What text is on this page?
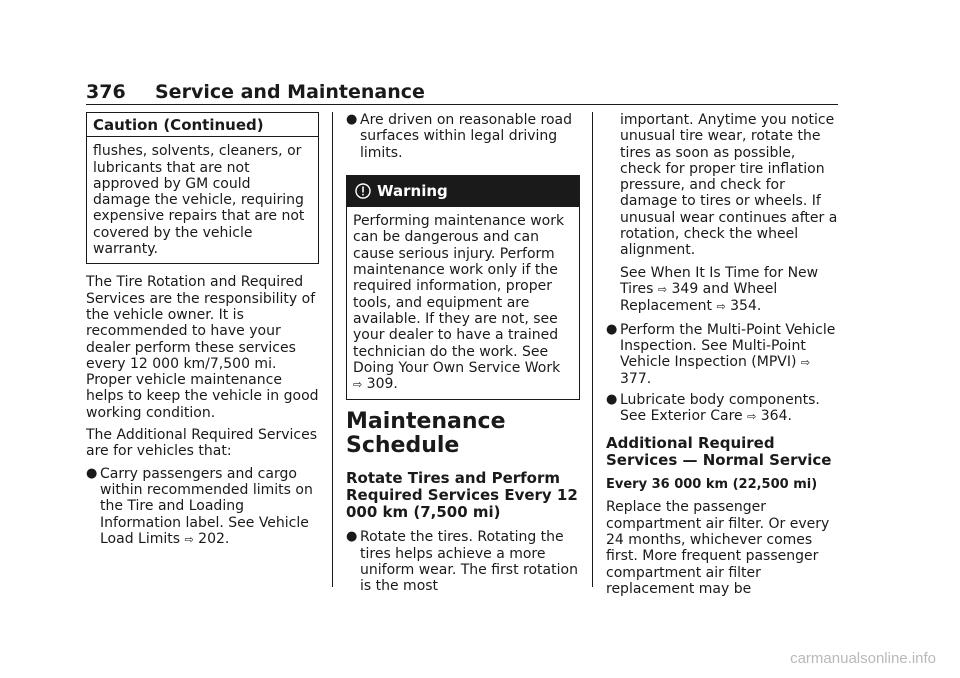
376 Service and Maintenance
Caution (Continued)
flushes, solvents, cleaners, or lubricants that are not approved by GM could damage the vehicle, requiring expensive repairs that are not covered by the vehicle warranty.

The Tire Rotation and Required Services are the responsibility of the vehicle owner. It is recommended to have your dealer perform these services every 12 000 km/7,500 mi. Proper vehicle maintenance helps to keep the vehicle in good working condition.

The Additional Required Services are for vehicles that:

● Carry passengers and cargo within recommended limits on the Tire and Loading Information label. See Vehicle Load Limits ⇨ 202.
● Are driven on reasonable road surfaces within legal driving limits.
Warning
Performing maintenance work can be dangerous and can cause serious injury. Perform maintenance work only if the required information, proper tools, and equipment are available. If they are not, see your dealer to have a trained technician do the work. See Doing Your Own Service Work ⇨ 309.
Maintenance Schedule
Rotate Tires and Perform Required Services Every 12 000 km (7,500 mi)
● Rotate the tires. Rotating the tires helps achieve a more uniform wear. The first rotation is the most

important. Anytime you notice unusual tire wear, rotate the tires as soon as possible, check for proper tire inflation pressure, and check for damage to tires or wheels. If unusual wear continues after a rotation, check the wheel alignment.

See When It Is Time for New Tires ⇨ 349 and Wheel Replacement ⇨ 354.

● Perform the Multi-Point Vehicle Inspection. See Multi-Point Vehicle Inspection (MPVI) ⇨ 377.
● Lubricate body components. See Exterior Care ⇨ 364.
Additional Required Services — Normal Service
Every 36 000 km (22,500 mi)

Replace the passenger compartment air filter. Or every 24 months, whichever comes first. More frequent passenger compartment air filter replacement may be

carmanualsonline.info
